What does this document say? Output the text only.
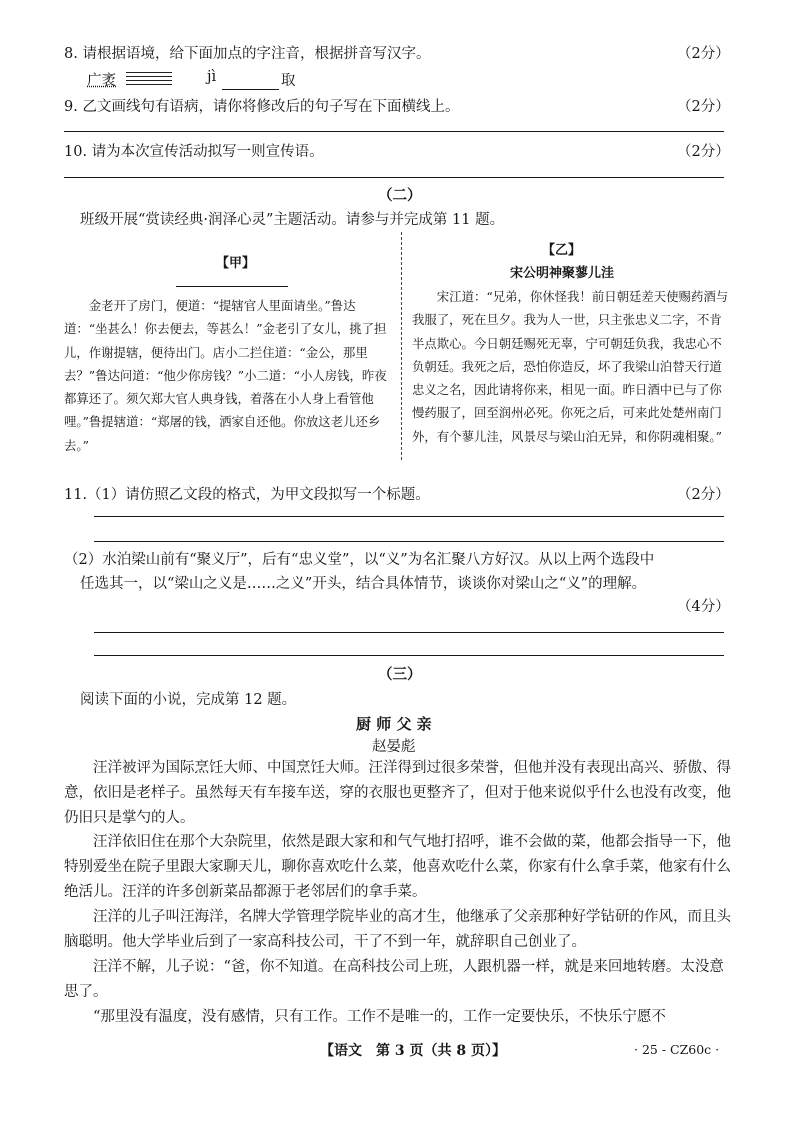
8. 请根据语境，给下面加点的字注音，根据拼音写汉字。	（2分）
广袤	jì	取
9. 乙文画线句有语病，请你将修改后的句子写在下面横线上。	（2分）
10. 请为本次宣传活动拟写一则宣传语。	（2分）
（二）
班级开展“赏读经典·润泽心灵”主题活动。请参与并完成第 11 题。
【甲】
金老开了房门，便道：“提辖官人里面请坐。”鲁达道：“坐甚么！你去便去，等甚么！”金老引了女儿，挑了担儿，作谢提辖，便待出门。店小二拦住道：“金公，那里去？”鲁达问道：“他少你房钱？”小二道：“小人房钱，昨夜都算还了。须欠郑大官人典身钱，着落在小人身上看管他哩。”鲁提辖道：“郑屠的钱，洒家自还他。你放这老儿还乡去。”
【乙】
宋公明神聚蓼儿洼
宋江道：“兄弟，你休怪我！前日朝廷差天使赐药酒与我服了，死在旦夕。我为人一世，只主张忠义二字，不肯半点欺心。今日朝廷赐死无辜，宁可朝廷负我，我忠心不负朝廷。我死之后，恐怕你造反，坏了我梁山泊替天行道忠义之名，因此请将你来，相见一面。昨日酒中已与了你慢药服了，回至润州必死。你死之后，可来此处楚州南门外，有个蓼儿洼，风景尽与梁山泊无异，和你阴魂相聚。”
11.（1）请仿照乙文段的格式，为甲文段拟写一个标题。	（2分）
（2）水泊梁山前有“聚义厅”，后有“忠义堂”，以“义”为名汇聚八方好汉。从以上两个选段中
任选其一，以“梁山之义是……之义”开头，结合具体情节，谈谈你对梁山之“义”的理解。
（4分）
（三）
阅读下面的小说，完成第 12 题。
厨 师 父 亲
赵晏彪
汪洋被评为国际烹饪大师、中国烹饪大师。汪洋得到过很多荣誉，但他并没有表现出高兴、骄傲、得意，依旧是老样子。虽然每天有车接车送，穿的衣服也更整齐了，但对于他来说似乎什么也没有改变，他仍旧只是掌勺的人。
汪洋依旧住在那个大杂院里，依然是跟大家和和气气地打招呼，谁不会做的菜，他都会指导一下，他特别爱坐在院子里跟大家聊天儿，聊你喜欢吃什么菜，他喜欢吃什么菜，你家有什么拿手菜，他家有什么绝活儿。汪洋的许多创新菜品都源于老邻居们的拿手菜。
汪洋的儿子叫汪海洋，名牌大学管理学院毕业的高才生，他继承了父亲那种好学钻研的作风，而且头脑聪明。他大学毕业后到了一家高科技公司，干了不到一年，就辞职自己创业了。
汪洋不解，儿子说：“爸，你不知道。在高科技公司上班，人跟机器一样，就是来回地转磨。太没意思了。
“那里没有温度，没有感情，只有工作。工作不是唯一的，工作一定要快乐，不快乐宁愿不
【语文　第 3 页（共 8 页）】	· 25 - CZ60c ·
